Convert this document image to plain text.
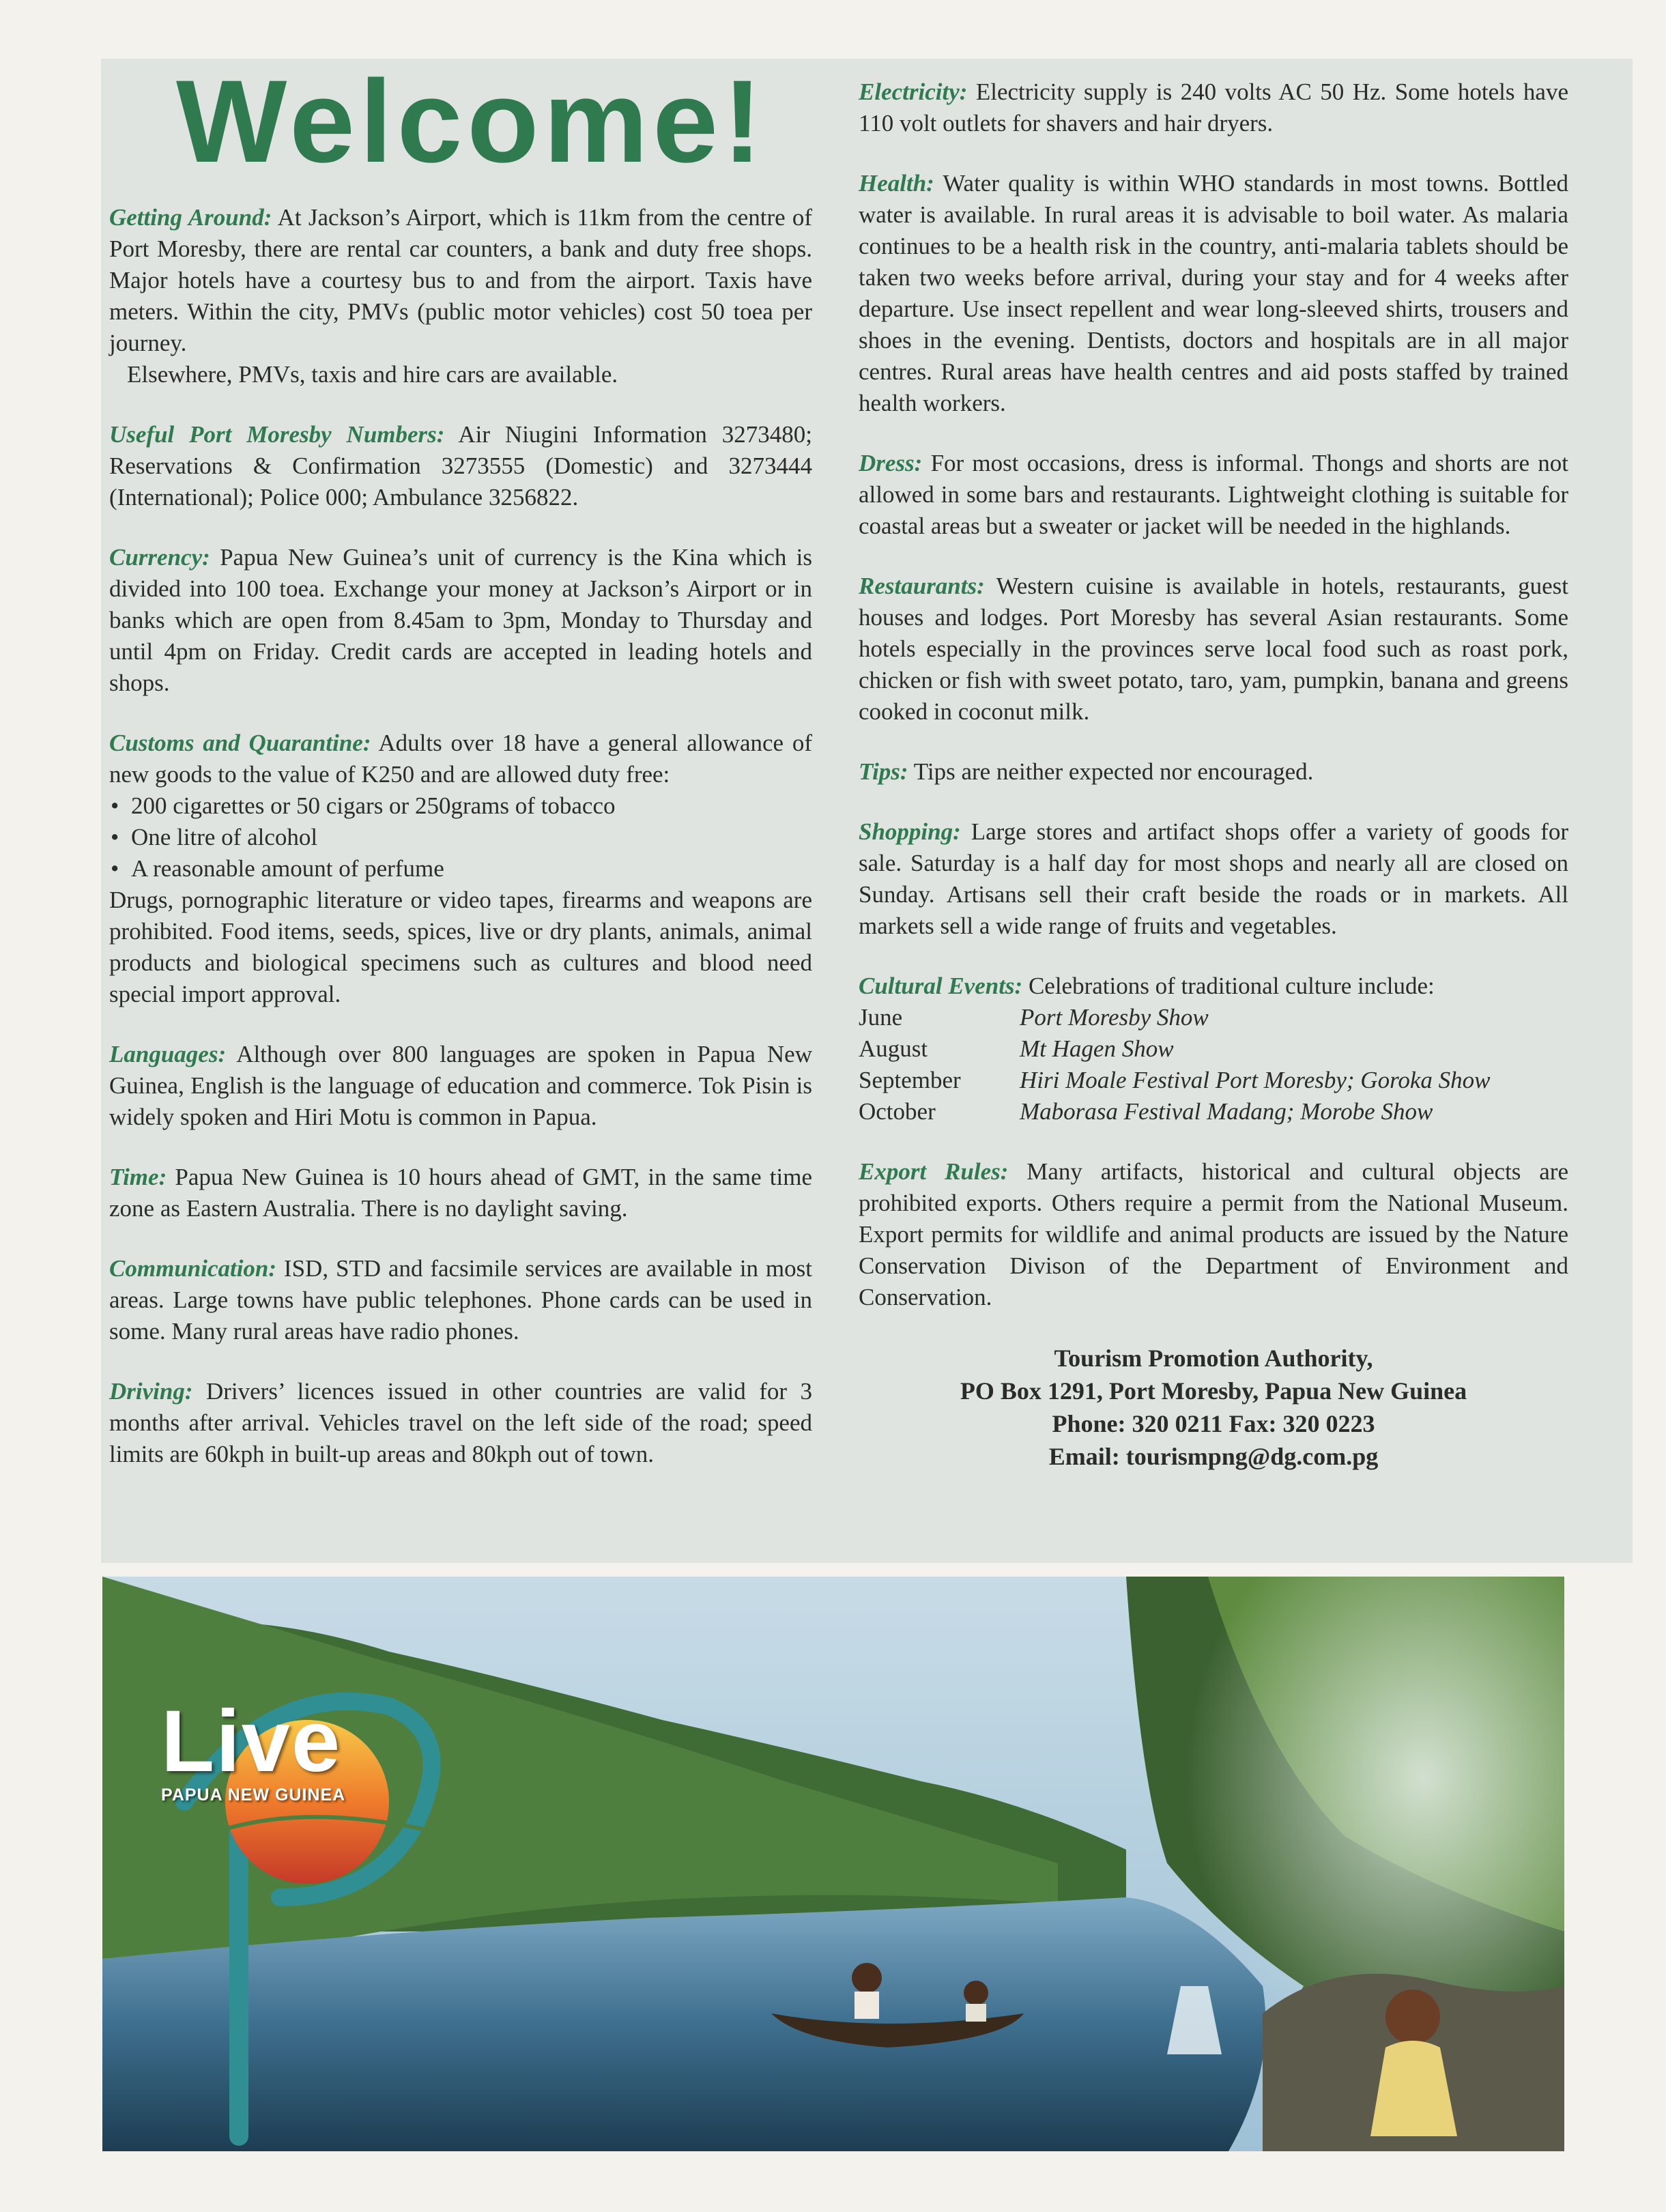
Welcome!

Getting Around: At Jackson’s Airport, which is 11km from the centre of Port Moresby, there are rental car counters, a bank and duty free shops. Major hotels have a courtesy bus to and from the airport. Taxis have meters. Within the city, PMVs (public motor vehicles) cost 50 toea per journey.
Elsewhere, PMVs, taxis and hire cars are available.

Useful Port Moresby Numbers: Air Niugini Information 3273480; Reservations & Confirmation 3273555 (Domestic) and 3273444 (International); Police 000; Ambulance 3256822.

Currency: Papua New Guinea’s unit of currency is the Kina which is divided into 100 toea. Exchange your money at Jackson’s Airport or in banks which are open from 8.45am to 3pm, Monday to Thursday and until 4pm on Friday. Credit cards are accepted in leading hotels and shops.

Customs and Quarantine: Adults over 18 have a general allowance of new goods to the value of K250 and are allowed duty free:
• 200 cigarettes or 50 cigars or 250grams of tobacco
• One litre of alcohol
• A reasonable amount of perfume
Drugs, pornographic literature or video tapes, firearms and weapons are prohibited. Food items, seeds, spices, live or dry plants, animals, animal products and biological specimens such as cultures and blood need special import approval.

Languages: Although over 800 languages are spoken in Papua New Guinea, English is the language of education and commerce. Tok Pisin is widely spoken and Hiri Motu is common in Papua.

Time: Papua New Guinea is 10 hours ahead of GMT, in the same time zone as Eastern Australia. There is no daylight saving.

Communication: ISD, STD and facsimile services are available in most areas. Large towns have public telephones. Phone cards can be used in some. Many rural areas have radio phones.

Driving: Drivers’ licences issued in other countries are valid for 3 months after arrival. Vehicles travel on the left side of the road; speed limits are 60kph in built-up areas and 80kph out of town.

Electricity: Electricity supply is 240 volts AC 50 Hz. Some hotels have 110 volt outlets for shavers and hair dryers.

Health: Water quality is within WHO standards in most towns. Bottled water is available. In rural areas it is advisable to boil water. As malaria continues to be a health risk in the country, anti-malaria tablets should be taken two weeks before arrival, during your stay and for 4 weeks after departure. Use insect repellent and wear long-sleeved shirts, trousers and shoes in the evening. Dentists, doctors and hospitals are in all major centres. Rural areas have health centres and aid posts staffed by trained health workers.

Dress: For most occasions, dress is informal. Thongs and shorts are not allowed in some bars and restaurants. Lightweight clothing is suitable for coastal areas but a sweater or jacket will be needed in the highlands.

Restaurants: Western cuisine is available in hotels, restaurants, guest houses and lodges. Port Moresby has several Asian restaurants. Some hotels especially in the provinces serve local food such as roast pork, chicken or fish with sweet potato, taro, yam, pumpkin, banana and greens cooked in coconut milk.

Tips: Tips are neither expected nor encouraged.

Shopping: Large stores and artifact shops offer a variety of goods for sale. Saturday is a half day for most shops and nearly all are closed on Sunday. Artisans sell their craft beside the roads or in markets. All markets sell a wide range of fruits and vegetables.

Cultural Events: Celebrations of traditional culture include:
June	Port Moresby Show
August	Mt Hagen Show
September	Hiri Moale Festival Port Moresby; Goroka Show
October	Maborasa Festival Madang; Morobe Show

Export Rules: Many artifacts, historical and cultural objects are prohibited exports. Others require a permit from the National Museum. Export permits for wildlife and animal products are issued by the Nature Conservation Divison of the Department of Environment and Conservation.

Tourism Promotion Authority,
PO Box 1291, Port Moresby, Papua New Guinea
Phone: 320 0211 Fax: 320 0223
Email: tourismpng@dg.com.pg
Live
PAPUA NEW GUINEA
